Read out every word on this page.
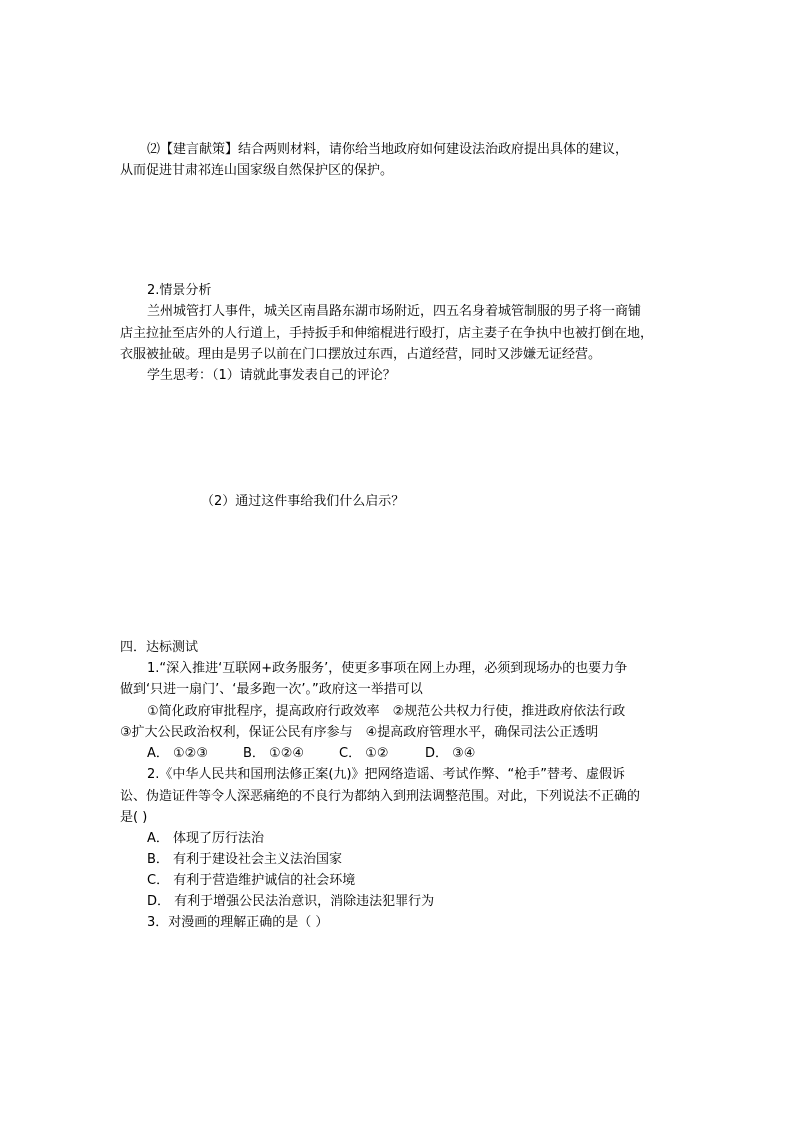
⑵【建言献策】结合两则材料，请你给当地政府如何建设法治政府提出具体的建议，
从而促进甘肃祁连山国家级自然保护区的保护。
2.情景分析
兰州城管打人事件，城关区南昌路东湖市场附近，四五名身着城管制服的男子将一商铺
店主拉扯至店外的人行道上，手持扳手和伸缩棍进行殴打，店主妻子在争执中也被打倒在地，
衣服被扯破。理由是男子以前在门口摆放过东西，占道经营，同时又涉嫌无证经营。
学生思考：（1）请就此事发表自己的评论？
（2）通过这件事给我们什么启示？
四．达标测试
1.“深入推进‘互联网+政务服务’，使更多事项在网上办理，必须到现场办的也要力争
做到‘只进一扇门’、‘最多跑一次’。”政府这一举措可以
①简化政府审批程序，提高政府行政效率　②规范公共权力行使，推进政府依法行政
③扩大公民政治权利，保证公民有序参与　④提高政府管理水平，确保司法公正透明
A． ①②③	B． ①②④	C． ①②	D． ③④
2.《中华人民共和国刑法修正案(九)》把网络造谣、考试作弊、“枪手”替考、虚假诉
讼、伪造证件等令人深恶痛绝的不良行为都纳入到刑法调整范围。对此，下列说法不正确的
是( )
A． 体现了厉行法治
B． 有利于建设社会主义法治国家
C． 有利于营造维护诚信的社会环境
D． 有利于增强公民法治意识，消除违法犯罪行为
3．对漫画的理解正确的是（ ）
